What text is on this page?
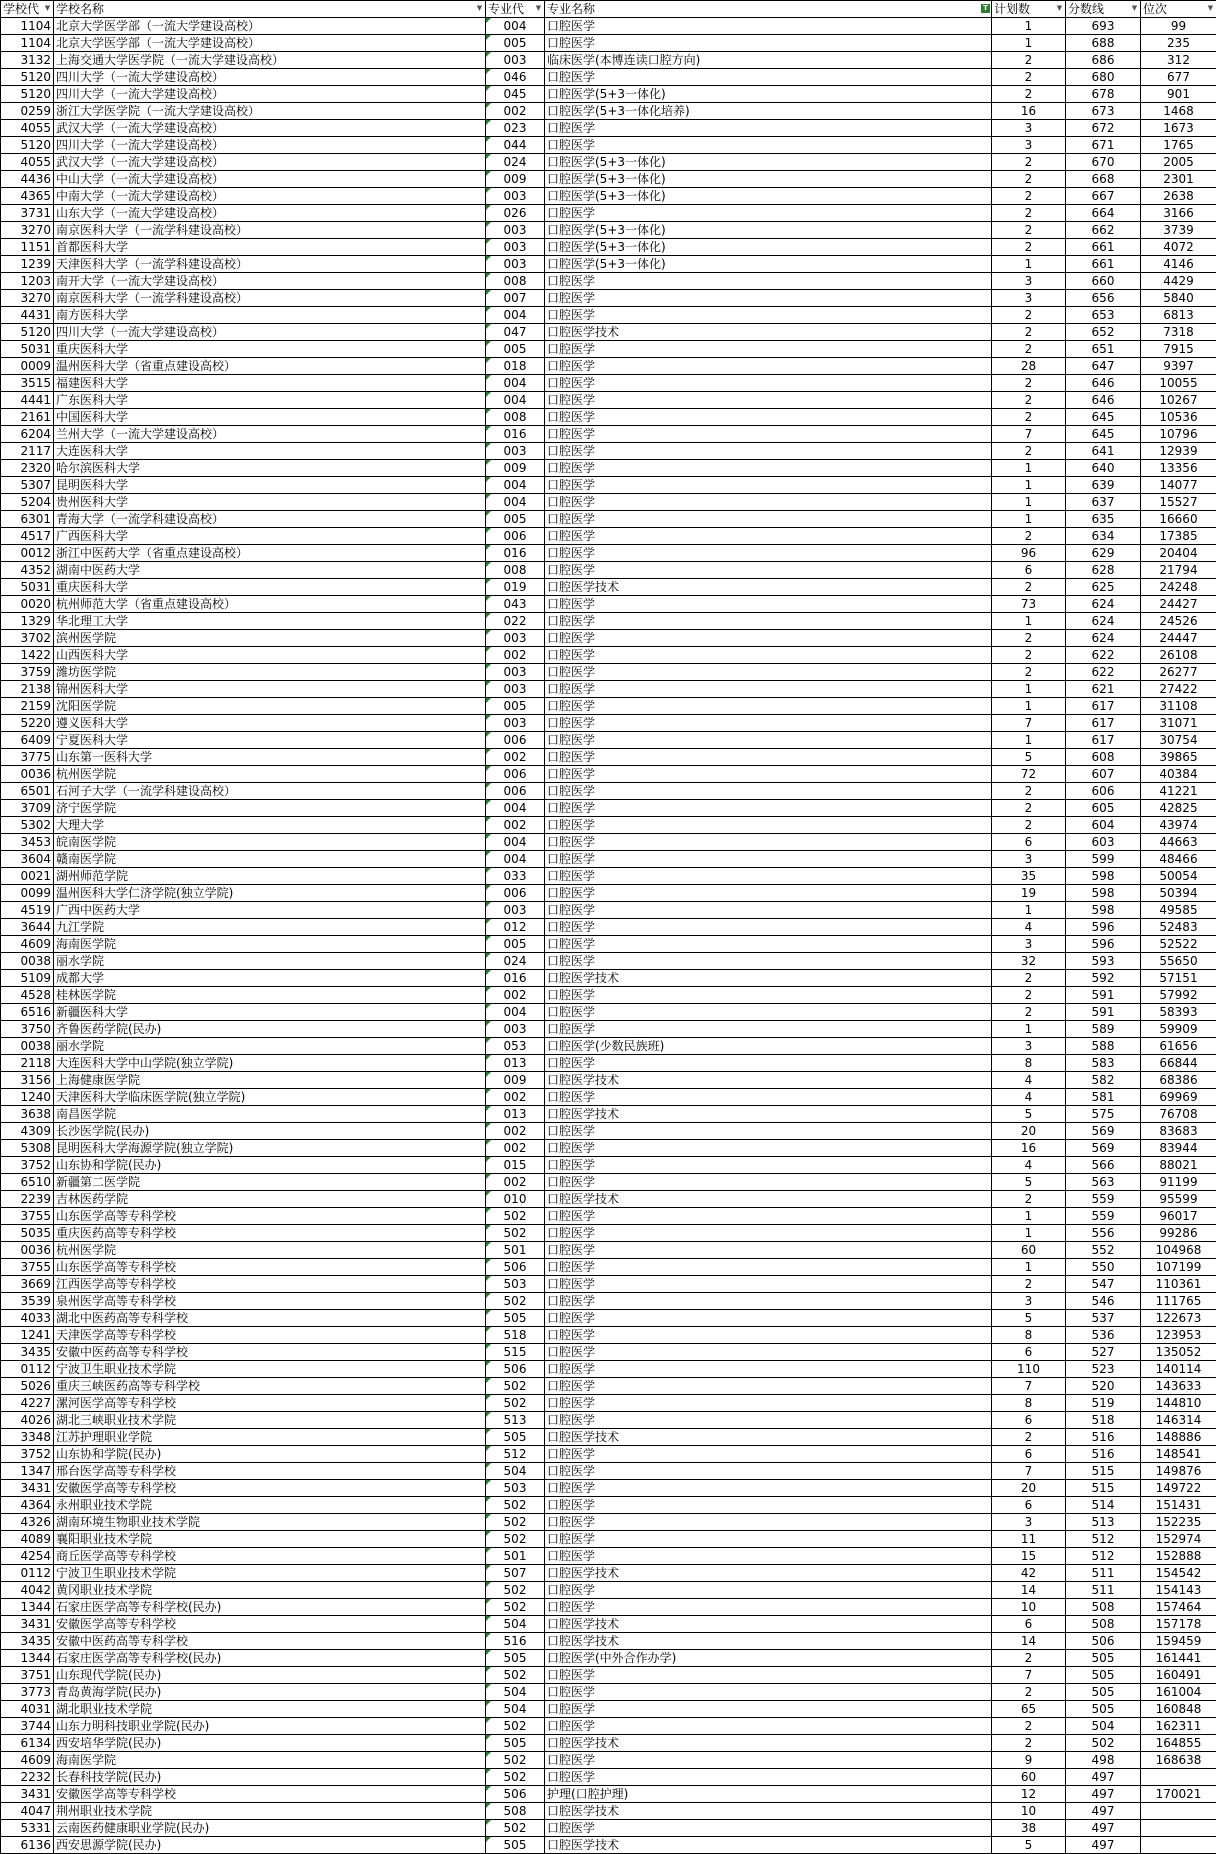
学校代 ▼	学校名称 ▼	专业代 ▼	专业名称 T	计划数 ▼	分数线 ▼	位次 ▼

1104	北京大学医学部（一流大学建设高校）	004	口腔医学	1	693	99
1104	北京大学医学部（一流大学建设高校）	005	口腔医学	1	688	235
3132	上海交通大学医学院（一流大学建设高校）	003	临床医学(本博连读口腔方向)	2	686	312
5120	四川大学（一流大学建设高校）	046	口腔医学	2	680	677
5120	四川大学（一流大学建设高校）	045	口腔医学(5+3一体化)	2	678	901
0259	浙江大学医学院（一流大学建设高校）	002	口腔医学(5+3一体化培养)	16	673	1468
4055	武汉大学（一流大学建设高校）	023	口腔医学	3	672	1673
5120	四川大学（一流大学建设高校）	044	口腔医学	3	671	1765
4055	武汉大学（一流大学建设高校）	024	口腔医学(5+3一体化)	2	670	2005
4436	中山大学（一流大学建设高校）	009	口腔医学(5+3一体化)	2	668	2301
4365	中南大学（一流大学建设高校）	003	口腔医学(5+3一体化)	2	667	2638
3731	山东大学（一流大学建设高校）	026	口腔医学	2	664	3166
3270	南京医科大学（一流学科建设高校）	003	口腔医学(5+3一体化)	2	662	3739
1151	首都医科大学	003	口腔医学(5+3一体化)	2	661	4072
1239	天津医科大学（一流学科建设高校）	003	口腔医学(5+3一体化)	1	661	4146
1203	南开大学（一流大学建设高校）	008	口腔医学	3	660	4429
3270	南京医科大学（一流学科建设高校）	007	口腔医学	3	656	5840
4431	南方医科大学	004	口腔医学	2	653	6813
5120	四川大学（一流大学建设高校）	047	口腔医学技术	2	652	7318
5031	重庆医科大学	005	口腔医学	2	651	7915
0009	温州医科大学（省重点建设高校）	018	口腔医学	28	647	9397
3515	福建医科大学	004	口腔医学	2	646	10055
4441	广东医科大学	004	口腔医学	2	646	10267
2161	中国医科大学	008	口腔医学	2	645	10536
6204	兰州大学（一流大学建设高校）	016	口腔医学	7	645	10796
2117	大连医科大学	003	口腔医学	2	641	12939
2320	哈尔滨医科大学	009	口腔医学	1	640	13356
5307	昆明医科大学	004	口腔医学	1	639	14077
5204	贵州医科大学	004	口腔医学	1	637	15527
6301	青海大学（一流学科建设高校）	005	口腔医学	1	635	16660
4517	广西医科大学	006	口腔医学	2	634	17385
0012	浙江中医药大学（省重点建设高校）	016	口腔医学	96	629	20404
4352	湖南中医药大学	008	口腔医学	6	628	21794
5031	重庆医科大学	019	口腔医学技术	2	625	24248
0020	杭州师范大学（省重点建设高校）	043	口腔医学	73	624	24427
1329	华北理工大学	022	口腔医学	1	624	24526
3702	滨州医学院	003	口腔医学	2	624	24447
1422	山西医科大学	002	口腔医学	2	622	26108
3759	潍坊医学院	003	口腔医学	2	622	26277
2138	锦州医科大学	003	口腔医学	1	621	27422
2159	沈阳医学院	005	口腔医学	1	617	31108
5220	遵义医科大学	003	口腔医学	7	617	31071
6409	宁夏医科大学	006	口腔医学	1	617	30754
3775	山东第一医科大学	002	口腔医学	5	608	39865
0036	杭州医学院	006	口腔医学	72	607	40384
6501	石河子大学（一流学科建设高校）	006	口腔医学	2	606	41221
3709	济宁医学院	004	口腔医学	2	605	42825
5302	大理大学	002	口腔医学	2	604	43974
3453	皖南医学院	004	口腔医学	6	603	44663
3604	赣南医学院	004	口腔医学	3	599	48466
0021	湖州师范学院	033	口腔医学	35	598	50054
0099	温州医科大学仁济学院(独立学院)	006	口腔医学	19	598	50394
4519	广西中医药大学	003	口腔医学	1	598	49585
3644	九江学院	012	口腔医学	4	596	52483
4609	海南医学院	005	口腔医学	3	596	52522
0038	丽水学院	024	口腔医学	32	593	55650
5109	成都大学	016	口腔医学技术	2	592	57151
4528	桂林医学院	002	口腔医学	2	591	57992
6516	新疆医科大学	004	口腔医学	2	591	58393
3750	齐鲁医药学院(民办)	003	口腔医学	1	589	59909
0038	丽水学院	053	口腔医学(少数民族班)	3	588	61656
2118	大连医科大学中山学院(独立学院)	013	口腔医学	8	583	66844
3156	上海健康医学院	009	口腔医学技术	4	582	68386
1240	天津医科大学临床医学院(独立学院)	002	口腔医学	4	581	69969
3638	南昌医学院	013	口腔医学技术	5	575	76708
4309	长沙医学院(民办)	002	口腔医学	20	569	83683
5308	昆明医科大学海源学院(独立学院)	002	口腔医学	16	569	83944
3752	山东协和学院(民办)	015	口腔医学	4	566	88021
6510	新疆第二医学院	002	口腔医学	5	563	91199
2239	吉林医药学院	010	口腔医学技术	2	559	95599
3755	山东医学高等专科学校	502	口腔医学	1	559	96017
5035	重庆医药高等专科学校	502	口腔医学	1	556	99286
0036	杭州医学院	501	口腔医学	60	552	104968
3755	山东医学高等专科学校	506	口腔医学	1	550	107199
3669	江西医学高等专科学校	503	口腔医学	2	547	110361
3539	泉州医学高等专科学校	502	口腔医学	3	546	111765
4033	湖北中医药高等专科学校	505	口腔医学	5	537	122673
1241	天津医学高等专科学校	518	口腔医学	8	536	123953
3435	安徽中医药高等专科学校	515	口腔医学	6	527	135052
0112	宁波卫生职业技术学院	506	口腔医学	110	523	140114
5026	重庆三峡医药高等专科学校	502	口腔医学	7	520	143633
4227	漯河医学高等专科学校	502	口腔医学	8	519	144810
4026	湖北三峡职业技术学院	513	口腔医学	6	518	146314
3348	江苏护理职业学院	505	口腔医学技术	2	516	148886
3752	山东协和学院(民办)	512	口腔医学	6	516	148541
1347	邢台医学高等专科学校	504	口腔医学	7	515	149876
3431	安徽医学高等专科学校	503	口腔医学	20	515	149722
4364	永州职业技术学院	502	口腔医学	6	514	151431
4326	湖南环境生物职业技术学院	502	口腔医学	3	513	152235
4089	襄阳职业技术学院	502	口腔医学	11	512	152974
4254	商丘医学高等专科学校	501	口腔医学	15	512	152888
0112	宁波卫生职业技术学院	507	口腔医学技术	42	511	154542
4042	黄冈职业技术学院	502	口腔医学	14	511	154143
1344	石家庄医学高等专科学校(民办)	502	口腔医学	10	508	157464
3431	安徽医学高等专科学校	504	口腔医学技术	6	508	157178
3435	安徽中医药高等专科学校	516	口腔医学技术	14	506	159459
1344	石家庄医学高等专科学校(民办)	505	口腔医学(中外合作办学)	2	505	161441
3751	山东现代学院(民办)	502	口腔医学	7	505	160491
3773	青岛黄海学院(民办)	504	口腔医学	2	505	161004
4031	湖北职业技术学院	504	口腔医学	65	505	160848
3744	山东力明科技职业学院(民办)	502	口腔医学	2	504	162311
6134	西安培华学院(民办)	505	口腔医学技术	2	502	164855
4609	海南医学院	502	口腔医学	9	498	168638
2232	长春科技学院(民办)	502	口腔医学	60	497	
3431	安徽医学高等专科学校	506	护理(口腔护理)	12	497	170021
4047	荆州职业技术学院	508	口腔医学技术	10	497	
5331	云南医药健康职业学院(民办)	502	口腔医学	38	497	
6136	西安思源学院(民办)	505	口腔医学技术	5	497	
